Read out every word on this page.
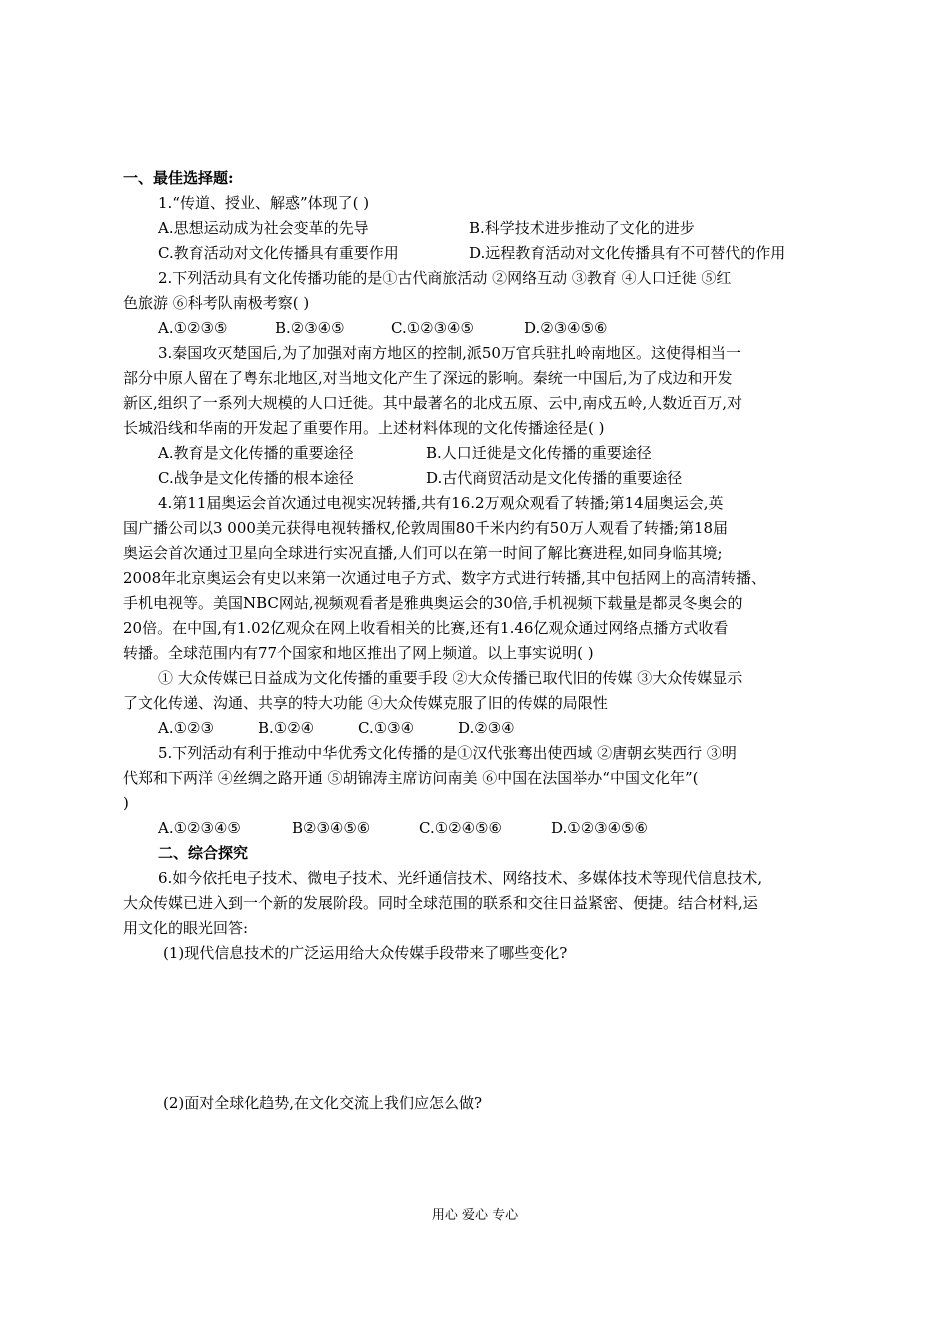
一、最佳选择题:
1.“传道、授业、解惑”体现了( )
A.思想运动成为社会变革的先导	B.科学技术进步推动了文化的进步
C.教育活动对文化传播具有重要作用	D.远程教育活动对文化传播具有不可替代的作用
2.下列活动具有文化传播功能的是①古代商旅活动 ②网络互动 ③教育 ④人口迁徙 ⑤红
色旅游 ⑥科考队南极考察( )
A.①②③⑤	B.②③④⑤	C.①②③④⑤	D.②③④⑤⑥
3.秦国攻灭楚国后,为了加强对南方地区的控制,派50万官兵驻扎岭南地区。这使得相当一
部分中原人留在了粤东北地区,对当地文化产生了深远的影响。秦统一中国后,为了戍边和开发
新区,组织了一系列大规模的人口迁徙。其中最著名的北戍五原、云中,南戍五岭,人数近百万,对
长城沿线和华南的开发起了重要作用。上述材料体现的文化传播途径是( )
A.教育是文化传播的重要途径	B.人口迁徙是文化传播的重要途径
C.战争是文化传播的根本途径	D.古代商贸活动是文化传播的重要途径
4.第11届奥运会首次通过电视实况转播,共有16.2万观众观看了转播;第14届奥运会,英
国广播公司以3 000美元获得电视转播权,伦敦周围80千米内约有50万人观看了转播;第18届
奥运会首次通过卫星向全球进行实况直播,人们可以在第一时间了解比赛进程,如同身临其境;
2008年北京奥运会有史以来第一次通过电子方式、数字方式进行转播,其中包括网上的高清转播、
手机电视等。美国NBC网站,视频观看者是雅典奥运会的30倍,手机视频下载量是都灵冬奥会的
20倍。在中国,有1.02亿观众在网上收看相关的比赛,还有1.46亿观众通过网络点播方式收看
转播。全球范围内有77个国家和地区推出了网上频道。以上事实说明( )
① 大众传媒已日益成为文化传播的重要手段 ②大众传播已取代旧的传媒 ③大众传媒显示
了文化传递、沟通、共享的特大功能 ④大众传媒克服了旧的传媒的局限性
A.①②③	B.①②④	C.①③④	D.②③④
5.下列活动有利于推动中华优秀文化传播的是①汉代张骞出使西域 ②唐朝玄奘西行 ③明
代郑和下两洋 ④丝绸之路开通 ⑤胡锦涛主席访问南美 ⑥中国在法国举办“中国文化年”(
)
A.①②③④⑤	B②③④⑤⑥	C.①②④⑤⑥	D.①②③④⑤⑥
二、综合探究
6.如今依托电子技术、微电子技术、光纤通信技术、网络技术、多媒体技术等现代信息技术,
大众传媒已进入到一个新的发展阶段。同时全球范围的联系和交往日益紧密、便捷。结合材料,运
用文化的眼光回答:
(1)现代信息技术的广泛运用给大众传媒手段带来了哪些变化?
(2)面对全球化趋势,在文化交流上我们应怎么做?
用心 爱心 专心
